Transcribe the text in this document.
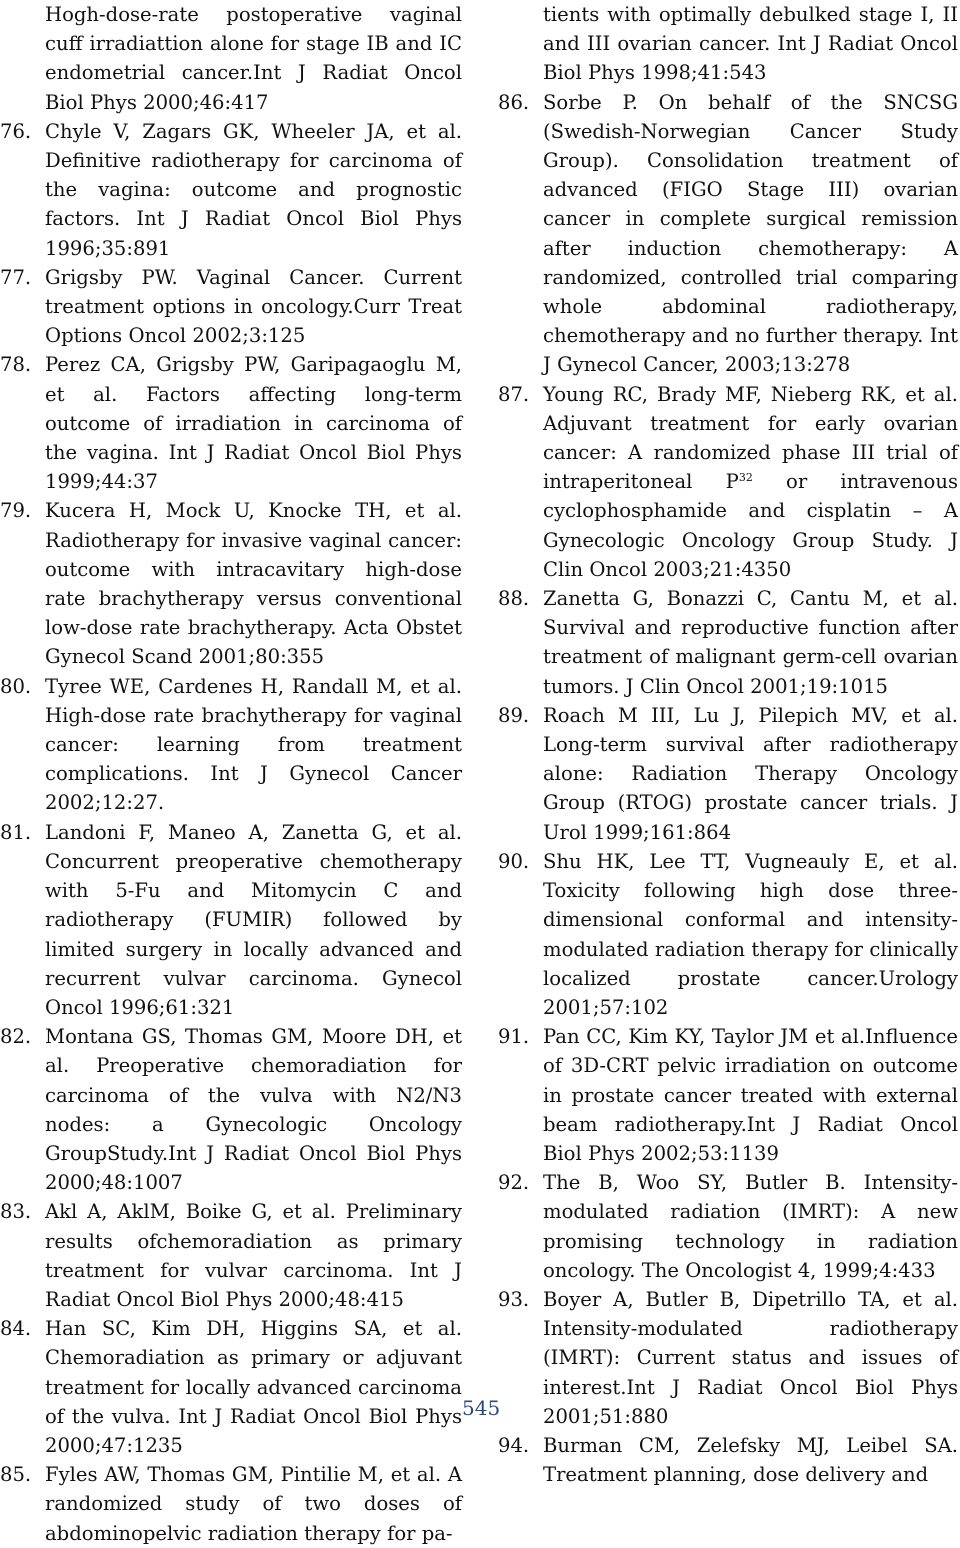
Hogh-dose-rate postoperative vaginal cuff irradiattion alone for stage IB and IC endometrial cancer.Int J Radiat Oncol Biol Phys 2000;46:417
76. Chyle V, Zagars GK, Wheeler JA, et al. Definitive radiotherapy for carcinoma of the vagina: outcome and prognostic factors. Int J Radiat Oncol Biol Phys 1996;35:891
77. Grigsby PW. Vaginal Cancer. Current treatment options in oncology.Curr Treat Options Oncol 2002;3:125
78. Perez CA, Grigsby PW, Garipagaoglu M, et al. Factors affecting long-term outcome of irradiation in carcinoma of the vagina. Int J Radiat Oncol Biol Phys 1999;44:37
79. Kucera H, Mock U, Knocke TH, et al. Radiotherapy for invasive vaginal cancer: outcome with intracavitary high-dose rate brachytherapy versus conventional low-dose rate brachytherapy. Acta Obstet Gynecol Scand 2001;80:355
80. Tyree WE, Cardenes H, Randall M, et al. High-dose rate brachytherapy for vaginal cancer: learning from treatment complications. Int J Gynecol Cancer 2002;12:27.
81. Landoni F, Maneo A, Zanetta G, et al. Concurrent preoperative chemotherapy with 5-Fu and Mitomycin C and radiotherapy (FUMIR) followed by limited surgery in locally advanced and recurrent vulvar carcinoma. Gynecol Oncol 1996;61:321
82. Montana GS, Thomas GM, Moore DH, et al. Preoperative chemoradiation for carcinoma of the vulva with N2/N3 nodes: a Gynecologic Oncology GroupStudy.Int J Radiat Oncol Biol Phys 2000;48:1007
83. Akl A, AklM, Boike G, et al. Preliminary results ofchemoradiation as primary treatment for vulvar carcinoma. Int J Radiat Oncol Biol Phys 2000;48:415
84. Han SC, Kim DH, Higgins SA, et al. Chemoradiation as primary or adjuvant treatment for locally advanced carcinoma of the vulva. Int J Radiat Oncol Biol Phys 2000;47:1235
85. Fyles AW, Thomas GM, Pintilie M, et al. A randomized study of two doses of abdominopelvic radiation therapy for pa-
tients with optimally debulked stage I, II and III ovarian cancer. Int J Radiat Oncol Biol Phys 1998;41:543
86. Sorbe P. On behalf of the SNCSG (Swedish-Norwegian Cancer Study Group). Consolidation treatment of advanced (FIGO Stage III) ovarian cancer in complete surgical remission after induction chemotherapy: A randomized, controlled trial comparing whole abdominal radiotherapy, chemotherapy and no further therapy. Int J Gynecol Cancer, 2003;13:278
87. Young RC, Brady MF, Nieberg RK, et al. Adjuvant treatment for early ovarian cancer: A randomized phase III trial of intraperitoneal $P^{32}$ or intravenous cyclophosphamide and cisplatin – A Gynecologic Oncology Group Study. J Clin Oncol 2003;21:4350
88. Zanetta G, Bonazzi C, Cantu M, et al. Survival and reproductive function after treatment of malignant germ-cell ovarian tumors. J Clin Oncol 2001;19:1015
89. Roach M III, Lu J, Pilepich MV, et al. Long-term survival after radiotherapy alone: Radiation Therapy Oncology Group (RTOG) prostate cancer trials. J Urol 1999;161:864
90. Shu HK, Lee TT, Vugneauly E, et al. Toxicity following high dose three-dimensional conformal and intensity-modulated radiation therapy for clinically localized prostate cancer.Urology 2001;57:102
91. Pan CC, Kim KY, Taylor JM et al.Influence of 3D-CRT pelvic irradiation on outcome in prostate cancer treated with external beam radiotherapy.Int J Radiat Oncol Biol Phys 2002;53:1139
92. The B, Woo SY, Butler B. Intensity-modulated radiation (IMRT): A new promising technology in radiation oncology. The Oncologist 4, 1999;4:433
93. Boyer A, Butler B, Dipetrillo TA, et al. Intensity-modulated radiotherapy (IMRT): Current status and issues of interest.Int J Radiat Oncol Biol Phys 2001;51:880
94. Burman CM, Zelefsky MJ, Leibel SA. Treatment planning, dose delivery and
545
